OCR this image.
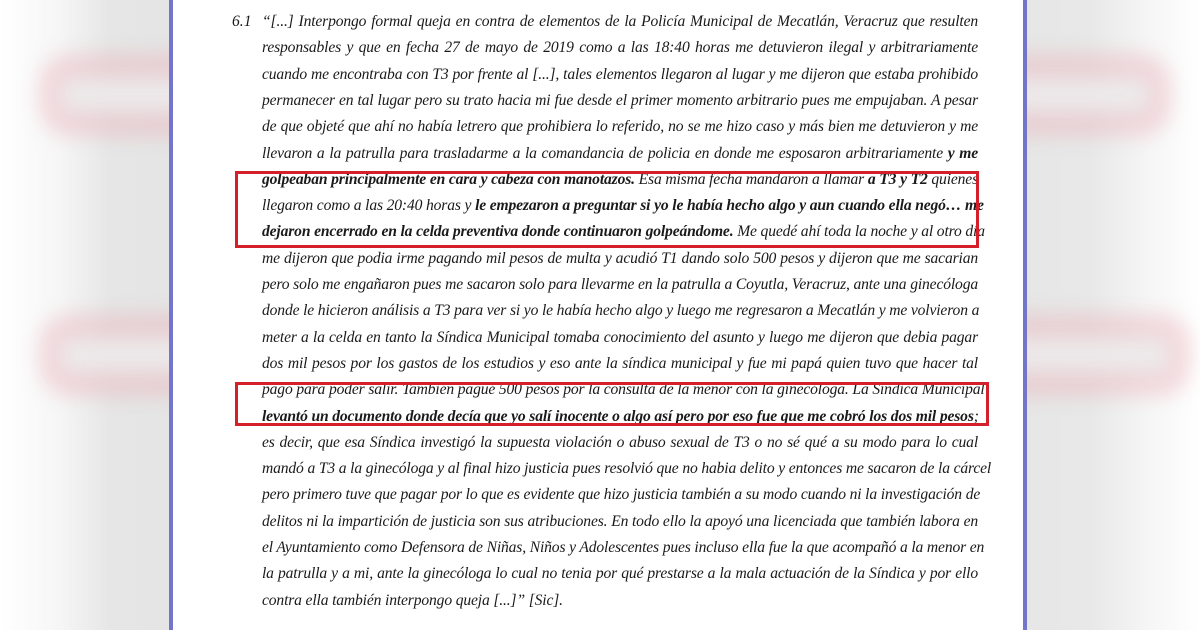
6.1 “[...] Interpongo formal queja en contra de elementos de la Policía Municipal de Mecatlán, Veracruz que resulten
responsables y que en fecha 27 de mayo de 2019 como a las 18:40 horas me detuvieron ilegal y arbitrariamente
cuando me encontraba con T3 por frente al [...], tales elementos llegaron al lugar y me dijeron que estaba prohibido
permanecer en tal lugar pero su trato hacia mi fue desde el primer momento arbitrario pues me empujaban. A pesar
de que objeté que ahí no había letrero que prohibiera lo referido, no se me hizo caso y más bien me detuvieron y me
llevaron a la patrulla para trasladarme a la comandancia de policia en donde me esposaron arbitrariamente y me
golpeaban principalmente en cara y cabeza con manotazos. Esa misma fecha mandaron a llamar a T3 y T2 quienes
llegaron como a las 20:40 horas y le empezaron a preguntar si yo le había hecho algo y aun cuando ella negó… me
dejaron encerrado en la celda preventiva donde continuaron golpeándome. Me quedé ahí toda la noche y al otro día
me dijeron que podia irme pagando mil pesos de multa y acudió T1 dando solo 500 pesos y dijeron que me sacarian
pero solo me engañaron pues me sacaron solo para llevarme en la patrulla a Coyutla, Veracruz, ante una ginecóloga
donde le hicieron análisis a T3 para ver si yo le había hecho algo y luego me regresaron a Mecatlán y me volvieron a
meter a la celda en tanto la Síndica Municipal tomaba conocimiento del asunto y luego me dijeron que debia pagar
dos mil pesos por los gastos de los estudios y eso ante la síndica municipal y fue mi papá quien tuvo que hacer tal
pago para poder salir. También pagué 500 pesos por la consulta de la menor con la ginecóloga. La Síndica Municipal
levantó un documento donde decía que yo salí inocente o algo así pero por eso fue que me cobró los dos mil pesos;
es decir, que esa Síndica investigó la supuesta violación o abuso sexual de T3 o no sé qué a su modo para lo cual
mandó a T3 a la ginecóloga y al final hizo justicia pues resolvió que no habia delito y entonces me sacaron de la cárcel
pero primero tuve que pagar por lo que es evidente que hizo justicia también a su modo cuando ni la investigación de
delitos ni la impartición de justicia son sus atribuciones. En todo ello la apoyó una licenciada que también labora en
el Ayuntamiento como Defensora de Niñas, Niños y Adolescentes pues incluso ella fue la que acompañó a la menor en
la patrulla y a mi, ante la ginecóloga lo cual no tenia por qué prestarse a la mala actuación de la Síndica y por ello
contra ella también interpongo queja [...]” [Sic].
